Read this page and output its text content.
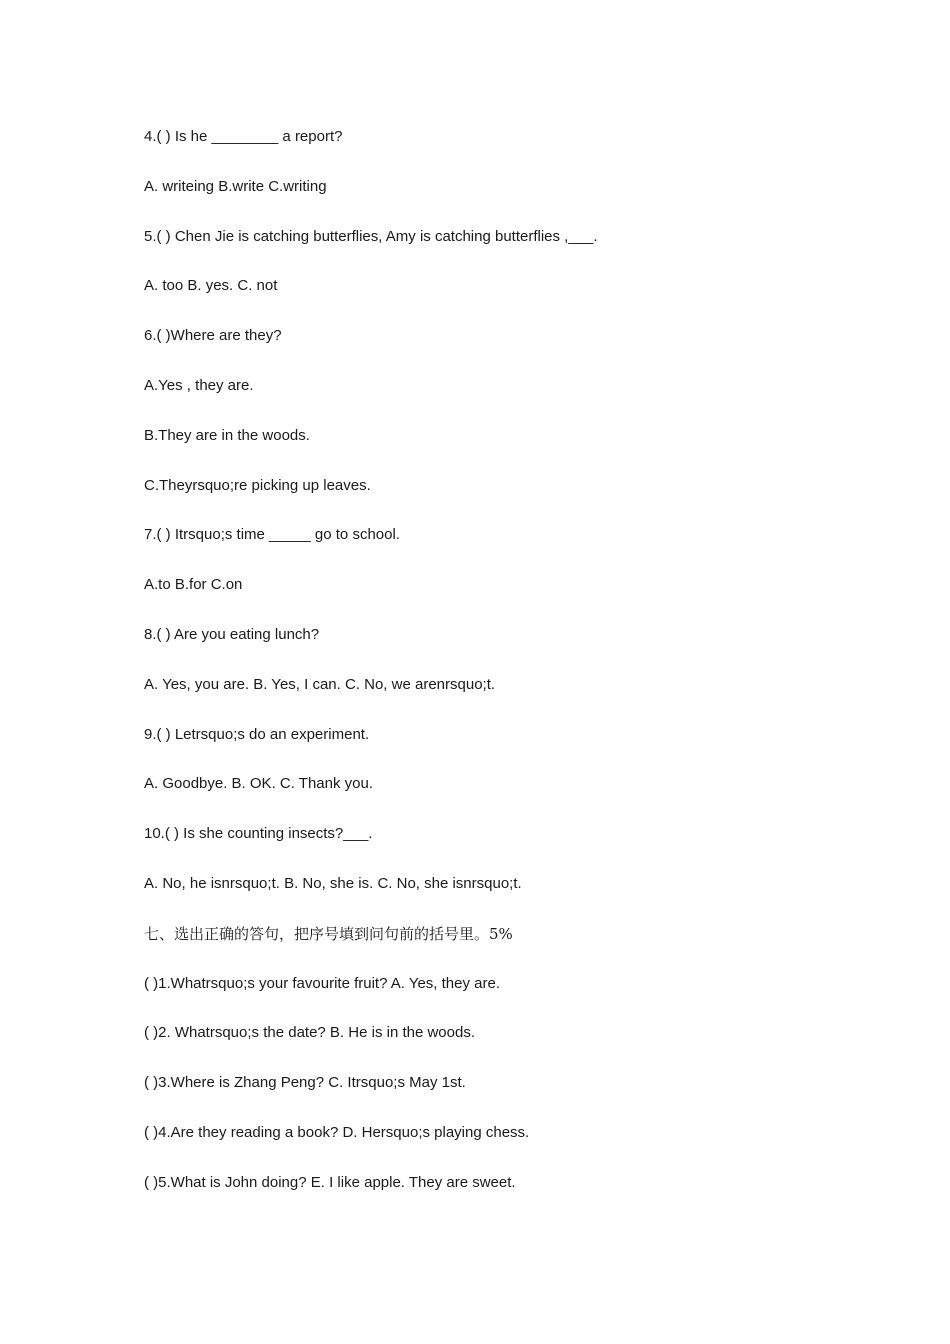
4.( ) Is he ________ a report?
A. writeing B.write C.writing
5.( ) Chen Jie is catching butterflies, Amy is catching butterflies ,___.
A. too B. yes. C. not
6.( )Where are they?
A.Yes , they are.
B.They are in the woods.
C.Theyrsquo;re picking up leaves.
7.( ) Itrsquo;s time _____ go to school.
A.to B.for C.on
8.( ) Are you eating lunch?
A. Yes, you are. B. Yes, I can. C. No, we arenrsquo;t.
9.( ) Letrsquo;s do an experiment.
A. Goodbye. B. OK. C. Thank you.
10.( ) Is she counting insects?___.
A. No, he isnrsquo;t. B. No, she is. C. No, she isnrsquo;t.
七、选出正确的答句，把序号填到问句前的括号里。5%
( )1.Whatrsquo;s your favourite fruit? A. Yes, they are.
( )2. Whatrsquo;s the date? B. He is in the woods.
( )3.Where is Zhang Peng? C. Itrsquo;s May 1st.
( )4.Are they reading a book? D. Hersquo;s playing chess.
( )5.What is John doing? E. I like apple. They are sweet.
